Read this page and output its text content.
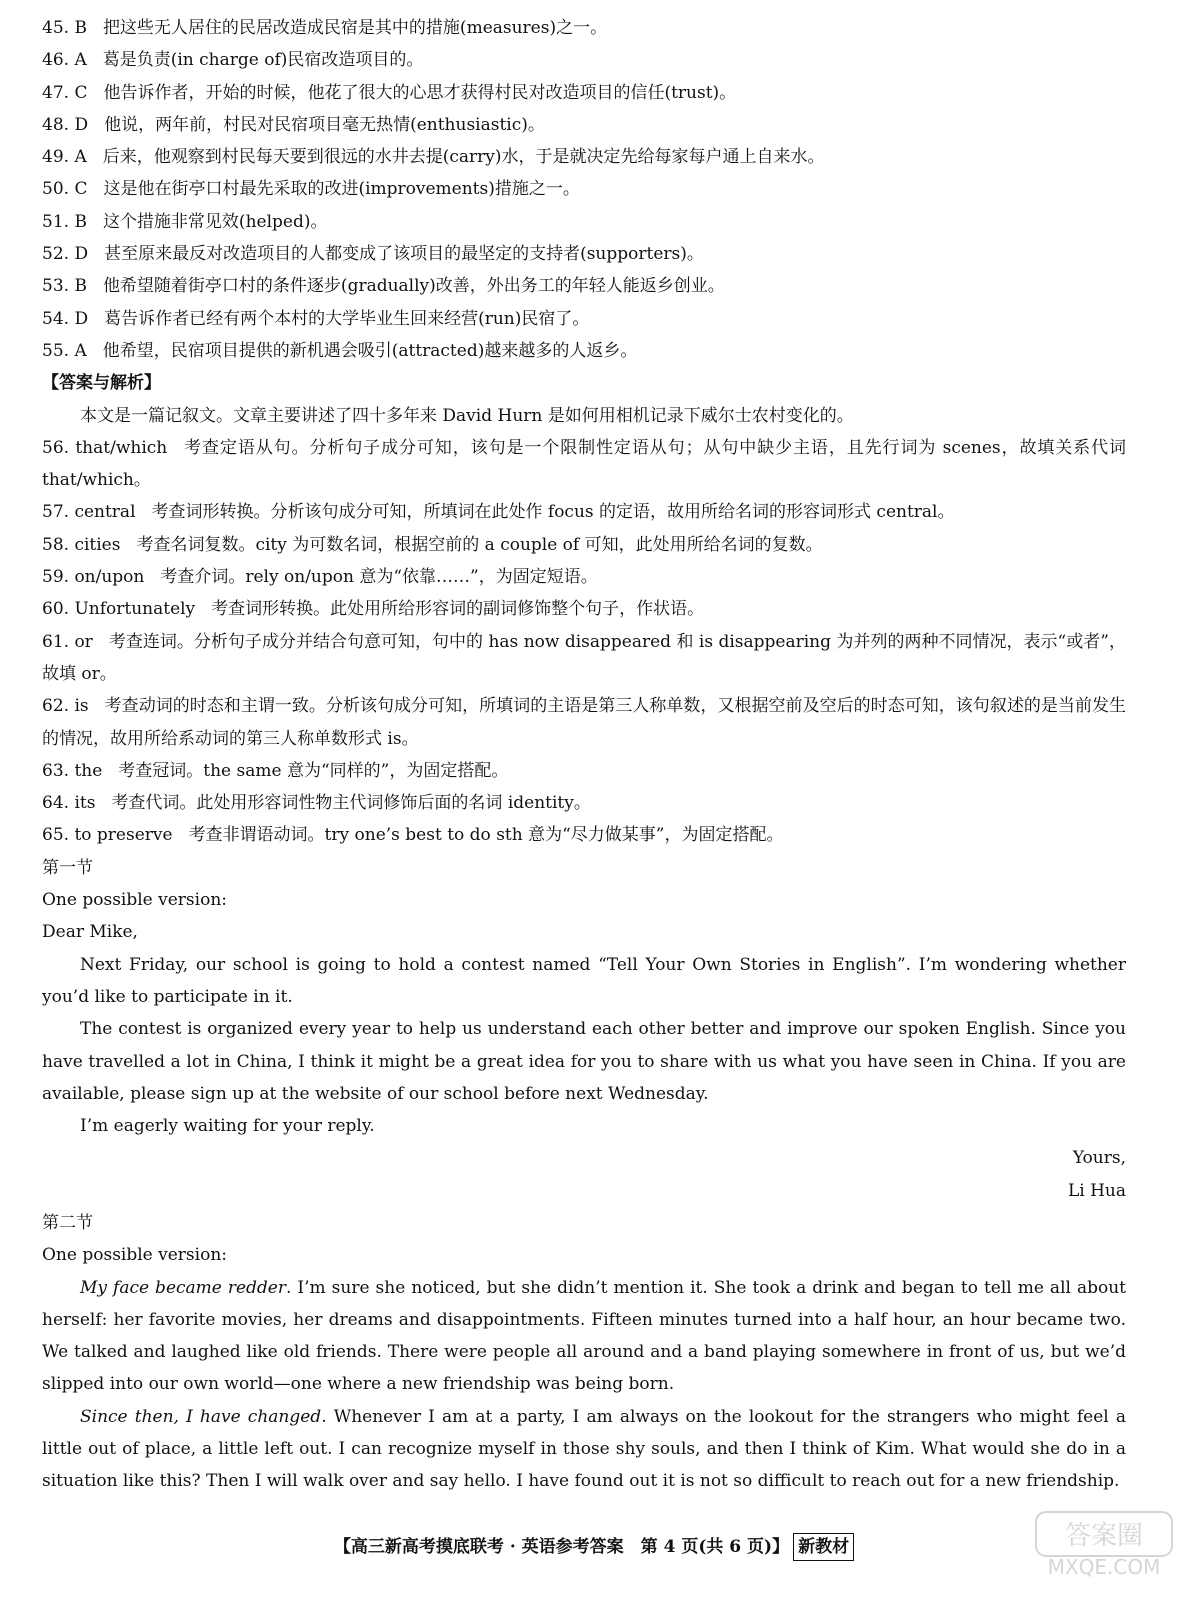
45. B 把这些无人居住的民居改造成民宿是其中的措施(measures)之一。
46. A 葛是负责(in charge of)民宿改造项目的。
47. C 他告诉作者，开始的时候，他花了很大的心思才获得村民对改造项目的信任(trust)。
48. D 他说，两年前，村民对民宿项目毫无热情(enthusiastic)。
49. A 后来，他观察到村民每天要到很远的水井去提(carry)水，于是就决定先给每家每户通上自来水。
50. C 这是他在街亭口村最先采取的改进(improvements)措施之一。
51. B 这个措施非常见效(helped)。
52. D 甚至原来最反对改造项目的人都变成了该项目的最坚定的支持者(supporters)。
53. B 他希望随着街亭口村的条件逐步(gradually)改善，外出务工的年轻人能返乡创业。
54. D 葛告诉作者已经有两个本村的大学毕业生回来经营(run)民宿了。
55. A 他希望，民宿项目提供的新机遇会吸引(attracted)越来越多的人返乡。
【答案与解析】
本文是一篇记叙文。文章主要讲述了四十多年来 David Hurn 是如何用相机记录下威尔士农村变化的。
56. that/which 考查定语从句。分析句子成分可知，该句是一个限制性定语从句；从句中缺少主语，且先行词为 scenes，故填关系代词 that/which。
57. central 考查词形转换。分析该句成分可知，所填词在此处作 focus 的定语，故用所给名词的形容词形式 central。
58. cities 考查名词复数。city 为可数名词，根据空前的 a couple of 可知，此处用所给名词的复数。
59. on/upon 考查介词。rely on/upon 意为“依靠……”，为固定短语。
60. Unfortunately 考查词形转换。此处用所给形容词的副词修饰整个句子，作状语。
61. or 考查连词。分析句子成分并结合句意可知，句中的 has now disappeared 和 is disappearing 为并列的两种不同情况，表示“或者”，故填 or。
62. is 考查动词的时态和主谓一致。分析该句成分可知，所填词的主语是第三人称单数，又根据空前及空后的时态可知，该句叙述的是当前发生的情况，故用所给系动词的第三人称单数形式 is。
63. the 考查冠词。the same 意为“同样的”，为固定搭配。
64. its 考查代词。此处用形容词性物主代词修饰后面的名词 identity。
65. to preserve 考查非谓语动词。try one’s best to do sth 意为“尽力做某事”，为固定搭配。
第一节
One possible version:
Dear Mike,
Next Friday, our school is going to hold a contest named “Tell Your Own Stories in English”. I’m wondering whether you’d like to participate in it.
The contest is organized every year to help us understand each other better and improve our spoken English. Since you have travelled a lot in China, I think it might be a great idea for you to share with us what you have seen in China. If you are available, please sign up at the website of our school before next Wednesday.
I’m eagerly waiting for your reply.
Yours,
Li Hua
第二节
One possible version:
My face became redder. I’m sure she noticed, but she didn’t mention it. She took a drink and began to tell me all about herself: her favorite movies, her dreams and disappointments. Fifteen minutes turned into a half hour, an hour became two. We talked and laughed like old friends. There were people all around and a band playing somewhere in front of us, but we’d slipped into our own world—one where a new friendship was being born.
Since then, I have changed. Whenever I am at a party, I am always on the lookout for the strangers who might feel a little out of place, a little left out. I can recognize myself in those shy souls, and then I think of Kim. What would she do in a situation like this? Then I will walk over and say hello. I have found out it is not so difficult to reach out for a new friendship.
【高三新高考摸底联考 · 英语参考答案　第 4 页(共 6 页)】 新教材	答案圈 MXQE.COM
